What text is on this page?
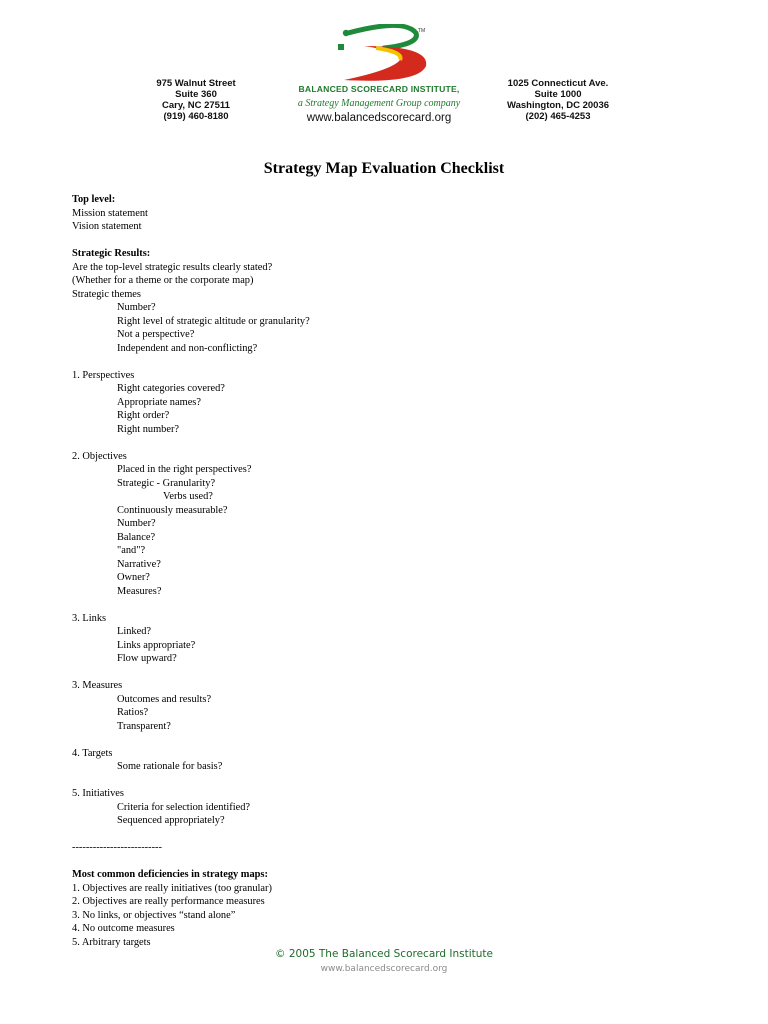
975 Walnut Street
Suite 360
Cary, NC 27511
(919) 460-8180
TM
BALANCED SCORECARD INSTITUTE,
a Strategy Management Group company
www.balancedscorecard.org
1025 Connecticut Ave.
Suite 1000
Washington, DC 20036
(202) 465-4253
Strategy Map Evaluation Checklist
Top level:
Mission statement
Vision statement
Strategic Results:
Are the top-level strategic results clearly stated?
(Whether for a theme or the corporate map)
Strategic themes
Number?
Right level of strategic altitude or granularity?
Not a perspective?
Independent and non-conflicting?
1. Perspectives
Right categories covered?
Appropriate names?
Right order?
Right number?
2. Objectives
Placed in the right perspectives?
Strategic - Granularity?
Verbs used?
Continuously measurable?
Number?
Balance?
"and"?
Narrative?
Owner?
Measures?
3. Links
Linked?
Links appropriate?
Flow upward?
3. Measures
Outcomes and results?
Ratios?
Transparent?
4. Targets
Some rationale for basis?
5. Initiatives
Criteria for selection identified?
Sequenced appropriately?
--------------------------
Most common deficiencies in strategy maps:
1. Objectives are really initiatives (too granular)
2. Objectives are really performance measures
3. No links, or objectives “stand alone”
4. No outcome measures
5. Arbitrary targets
© 2005 The Balanced Scorecard Institute
www.balancedscorecard.org
